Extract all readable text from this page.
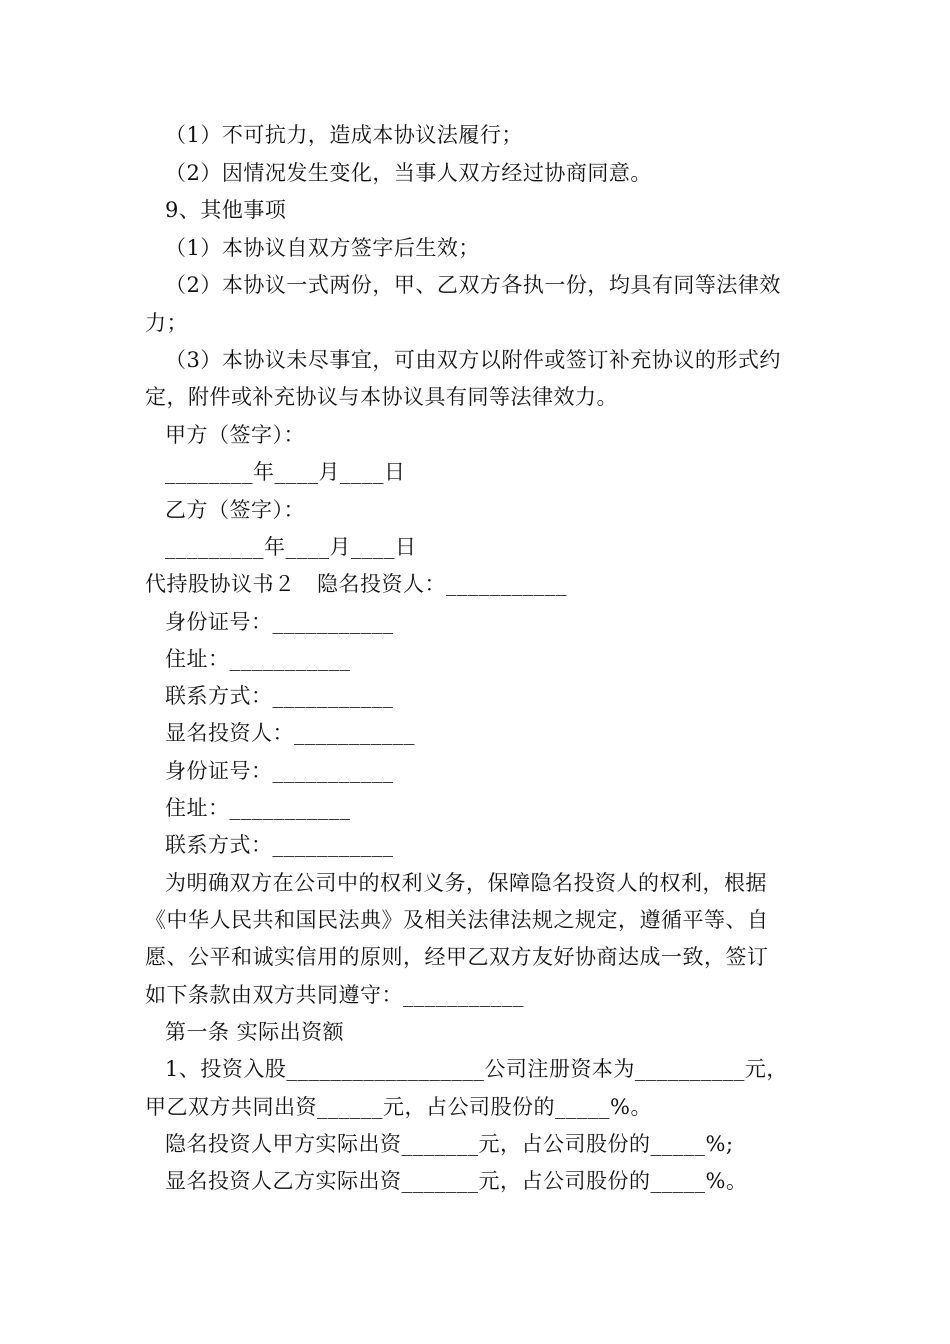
（1）不可抗力，造成本协议法履行；
（2）因情况发生变化，当事人双方经过协商同意。
9、其他事项
（1）本协议自双方签字后生效；
（2）本协议一式两份，甲、乙双方各执一份，均具有同等法律效
力；
（3）本协议未尽事宜，可由双方以附件或签订补充协议的形式约
定，附件或补充协议与本协议具有同等法律效力。
甲方（签字）：
________年____月____日
乙方（签字）：
_________年____月____日
代持股协议书２　隐名投资人：___________
身份证号：___________
住址：___________
联系方式：___________
显名投资人：___________
身份证号：___________
住址：___________
联系方式：___________
为明确双方在公司中的权利义务，保障隐名投资人的权利，根据
《中华人民共和国民法典》及相关法律法规之规定，遵循平等、自
愿、公平和诚实信用的原则，经甲乙双方友好协商达成一致，签订
如下条款由双方共同遵守：___________
第一条 实际出资额
1、投资入股__________________公司注册资本为__________元，
甲乙双方共同出资______元，占公司股份的_____%。
隐名投资人甲方实际出资_______元，占公司股份的_____%;
显名投资人乙方实际出资_______元，占公司股份的_____%。
